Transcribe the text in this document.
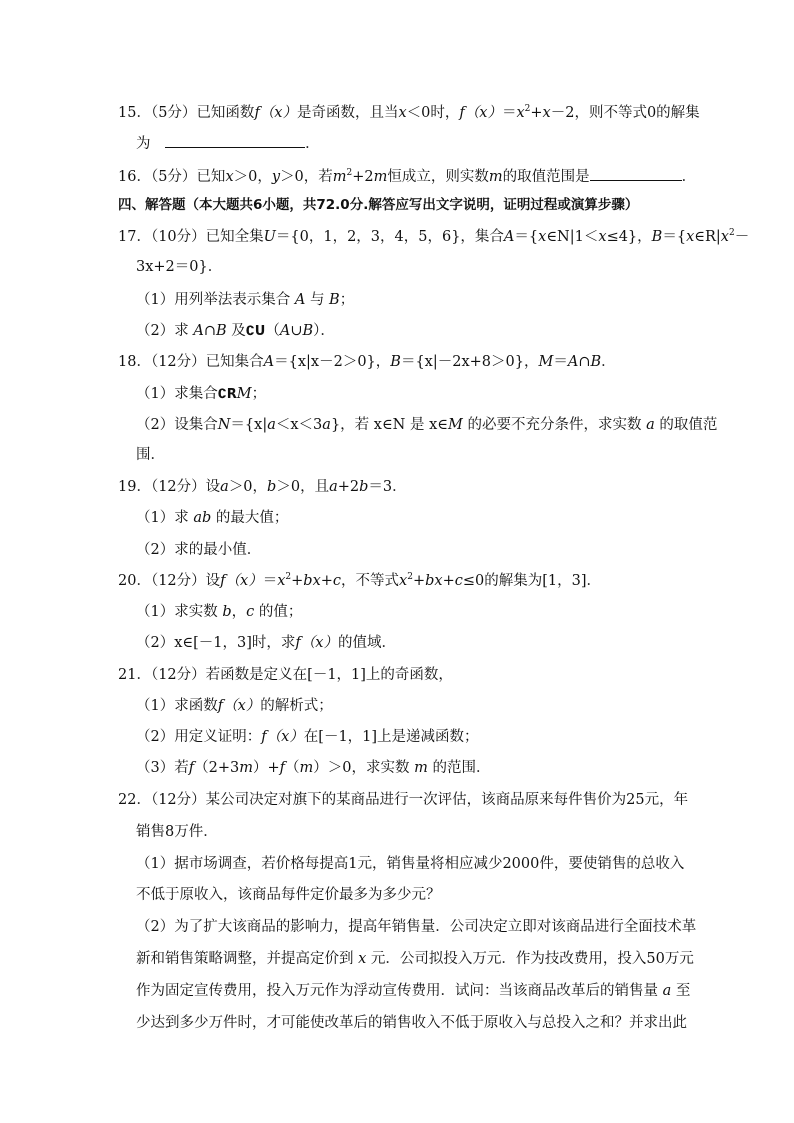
15．（5分）已知函数f（x）是奇函数，且当x＜0时，$f(x)=x^2+x-2$，则不等式0的解集
为	．
16．（5分）已知x＞0，y＞0，若$m^2+2m$恒成立，则实数m的取值范围是	．
四、解答题（本大题共6小题，共72.0分.解答应写出文字说明，证明过程或演算步骤）
17．（10分）已知全集U＝{0，1，2，3，4，5，6}，集合A＝{x∈N|1＜x≤4}，$B=\{x\in R|x^2-$
3x+2＝0}．
（1）用列举法表示集合 A 与 B；
（2）求 A∩B 及∁U（A∪B）．
18．（12分）已知集合A＝{x|x－2＞0}，B＝{x|－2x+8＞0}，M＝A∩B．
（1）求集合∁RM；
（2）设集合N＝{x|a＜x＜3a}，若 x∈N 是 x∈M 的必要不充分条件，求实数 a 的取值范
围．
19．（12分）设a＞0，b＞0，且a+2b＝3．
（1）求 ab 的最大值；
（2）求的最小值．
20．（12分）设$f(x)=x^2+bx+c$，不等式$x^2+bx+c\le 0$的解集为[1，3]．
（1）求实数 b，c 的值；
（2）x∈[－1，3]时，求f（x）的值域．
21．（12分）若函数是定义在[－1，1]上的奇函数，
（1）求函数f（x）的解析式；
（2）用定义证明：f（x）在[－1，1]上是递减函数；
（3）若f（2+3m）+f（m）＞0，求实数 m 的范围．
22．（12分）某公司决定对旗下的某商品进行一次评估，该商品原来每件售价为25元，年
销售8万件．
（1）据市场调查，若价格每提高1元，销售量将相应减少2000件，要使销售的总收入
不低于原收入，该商品每件定价最多为多少元？
（2）为了扩大该商品的影响力，提高年销售量．公司决定立即对该商品进行全面技术革
新和销售策略调整，并提高定价到 x 元．公司拟投入万元．作为技改费用，投入50万元
作为固定宣传费用，投入万元作为浮动宣传费用．试问：当该商品改革后的销售量 a 至
少达到多少万件时，才可能使改革后的销售收入不低于原收入与总投入之和？并求出此
